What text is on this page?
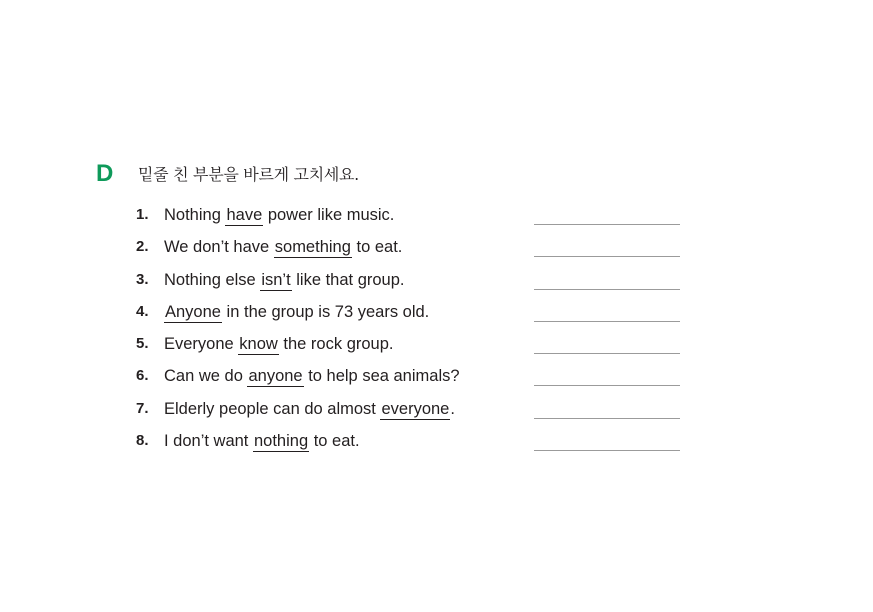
D 밑줄 친 부분을 바르게 고치세요.
1. Nothing have power like music.
2. We don’t have something to eat.
3. Nothing else isn’t like that group.
4. Anyone in the group is 73 years old.
5. Everyone know the rock group.
6. Can we do anyone to help sea animals?
7. Elderly people can do almost everyone.
8. I don’t want nothing to eat.
